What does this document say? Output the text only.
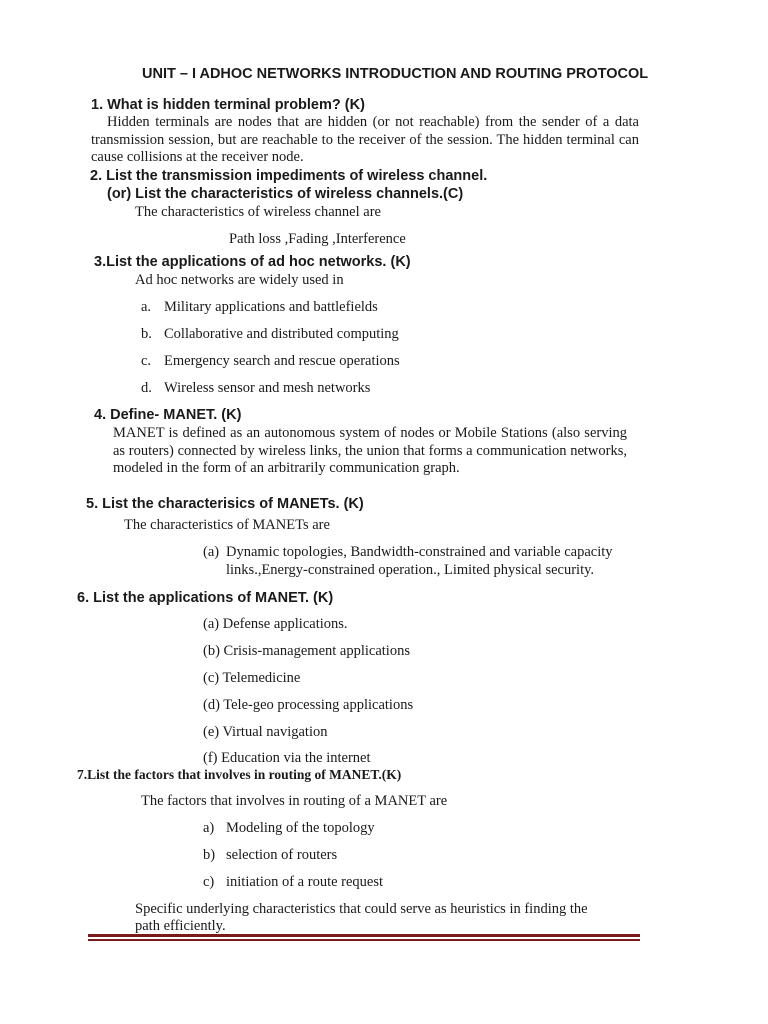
UNIT – I ADHOC NETWORKS INTRODUCTION AND ROUTING PROTOCOL
1. What is hidden terminal problem? (K)
Hidden terminals are nodes that are hidden (or not reachable) from the sender of a data transmission session, but are reachable to the receiver of the session. The hidden terminal can cause collisions at the receiver node.
2. List the transmission impediments of wireless channel.
(or) List the characteristics of wireless channels.(C)
The characteristics of wireless channel are
Path loss ,Fading ,Interference
3.List the applications of ad hoc networks. (K)
Ad hoc networks are widely used in
a. Military applications and battlefields
b. Collaborative and distributed computing
c. Emergency search and rescue operations
d. Wireless sensor and mesh networks
4. Define- MANET. (K)
MANET is defined as an autonomous system of nodes or Mobile Stations (also serving as routers) connected by wireless links, the union that forms a communication networks, modeled in the form of an arbitrarily communication graph.
5. List the characterisics of MANETs. (K)
The characteristics of MANETs are
(a) Dynamic topologies, Bandwidth-constrained and variable capacity
links.,Energy-constrained operation., Limited physical security.
6. List the applications of MANET. (K)
(a) Defense applications.
(b) Crisis-management applications
(c) Telemedicine
(d) Tele-geo processing applications
(e) Virtual navigation
(f) Education via the internet
7.List the factors that involves in routing of MANET.(K)
The factors that involves in routing of a MANET are
a) Modeling of the topology
b) selection of routers
c) initiation of a route request
Specific underlying characteristics that could serve as heuristics in finding the
path efficiently.
